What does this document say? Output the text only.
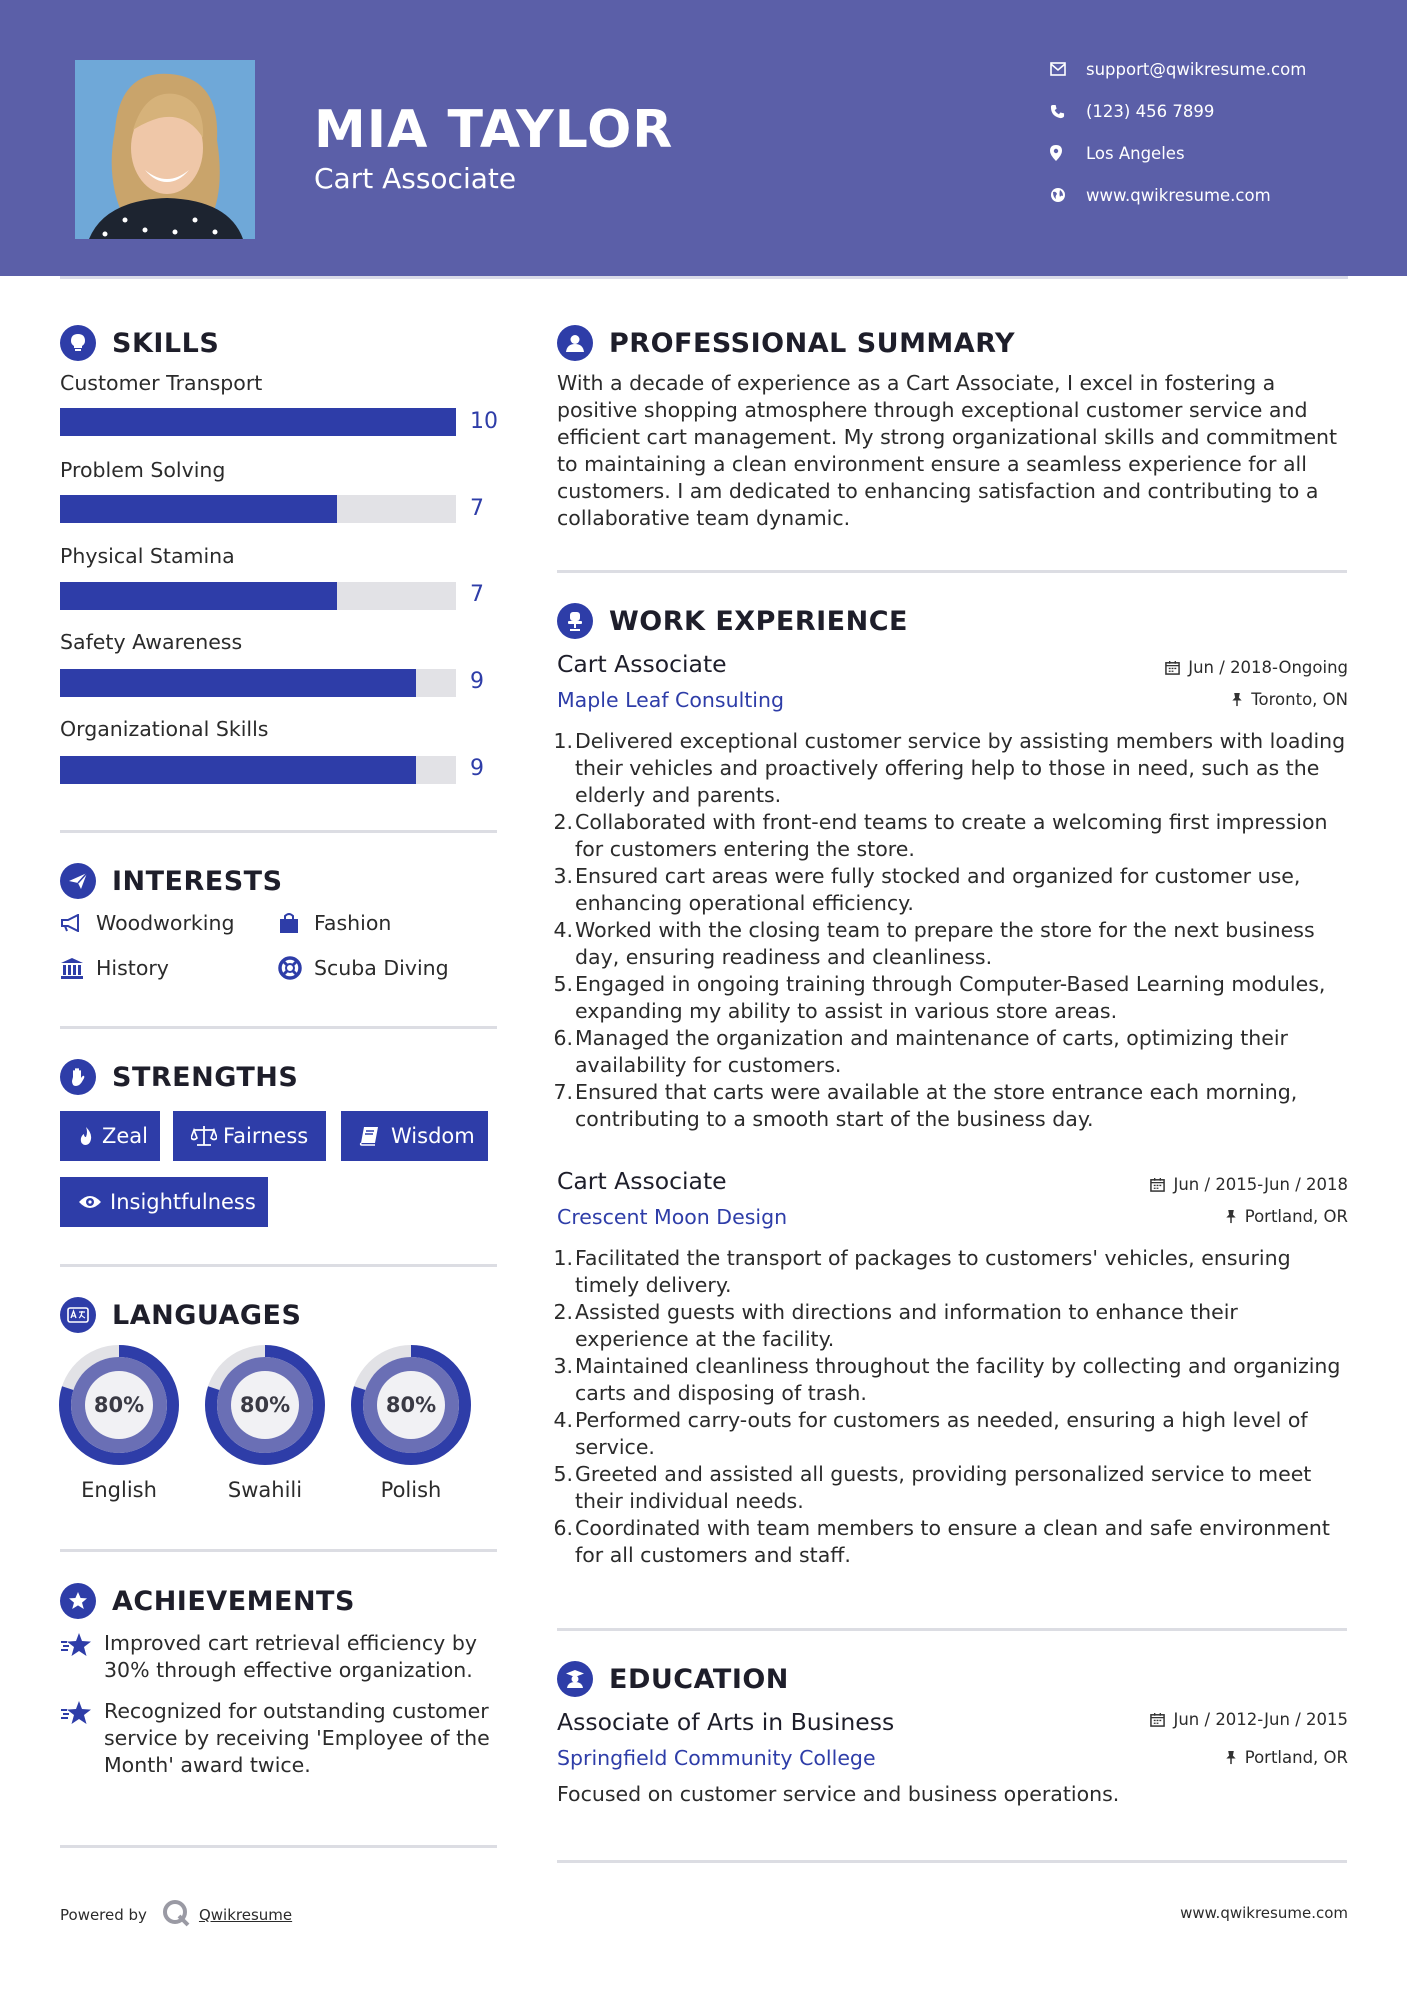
MIA TAYLOR
Cart Associate
support@qwikresume.com
(123) 456 7899
Los Angeles
www.qwikresume.com
SKILLS
Customer Transport
10
Problem Solving
7
Physical Stamina
7
Safety Awareness
9
Organizational Skills
9
INTERESTS
Woodworking	Fashion
History	Scuba Diving
STRENGTHS
Zeal	Fairness	Wisdom
Insightfulness
LANGUAGES
80%
English
80%
Swahili
80%
Polish
ACHIEVEMENTS
Improved cart retrieval efficiency by 30% through effective organization.
Recognized for outstanding customer service by receiving 'Employee of the Month' award twice.
PROFESSIONAL SUMMARY
With a decade of experience as a Cart Associate, I excel in fostering a positive shopping atmosphere through exceptional customer service and efficient cart management. My strong organizational skills and commitment to maintaining a clean environment ensure a seamless experience for all customers. I am dedicated to enhancing satisfaction and contributing to a collaborative team dynamic.
WORK EXPERIENCE
Cart Associate	Jun / 2018-Ongoing
Maple Leaf Consulting	Toronto, ON
1. Delivered exceptional customer service by assisting members with loading their vehicles and proactively offering help to those in need, such as the elderly and parents.
2. Collaborated with front-end teams to create a welcoming first impression for customers entering the store.
3. Ensured cart areas were fully stocked and organized for customer use, enhancing operational efficiency.
4. Worked with the closing team to prepare the store for the next business day, ensuring readiness and cleanliness.
5. Engaged in ongoing training through Computer-Based Learning modules, expanding my ability to assist in various store areas.
6. Managed the organization and maintenance of carts, optimizing their availability for customers.
7. Ensured that carts were available at the store entrance each morning, contributing to a smooth start of the business day.
Cart Associate	Jun / 2015-Jun / 2018
Crescent Moon Design	Portland, OR
1. Facilitated the transport of packages to customers' vehicles, ensuring timely delivery.
2. Assisted guests with directions and information to enhance their experience at the facility.
3. Maintained cleanliness throughout the facility by collecting and organizing carts and disposing of trash.
4. Performed carry-outs for customers as needed, ensuring a high level of service.
5. Greeted and assisted all guests, providing personalized service to meet their individual needs.
6. Coordinated with team members to ensure a clean and safe environment for all customers and staff.
EDUCATION
Associate of Arts in Business	Jun / 2012-Jun / 2015
Springfield Community College	Portland, OR
Focused on customer service and business operations.
Powered by	Qwikresume	www.qwikresume.com
